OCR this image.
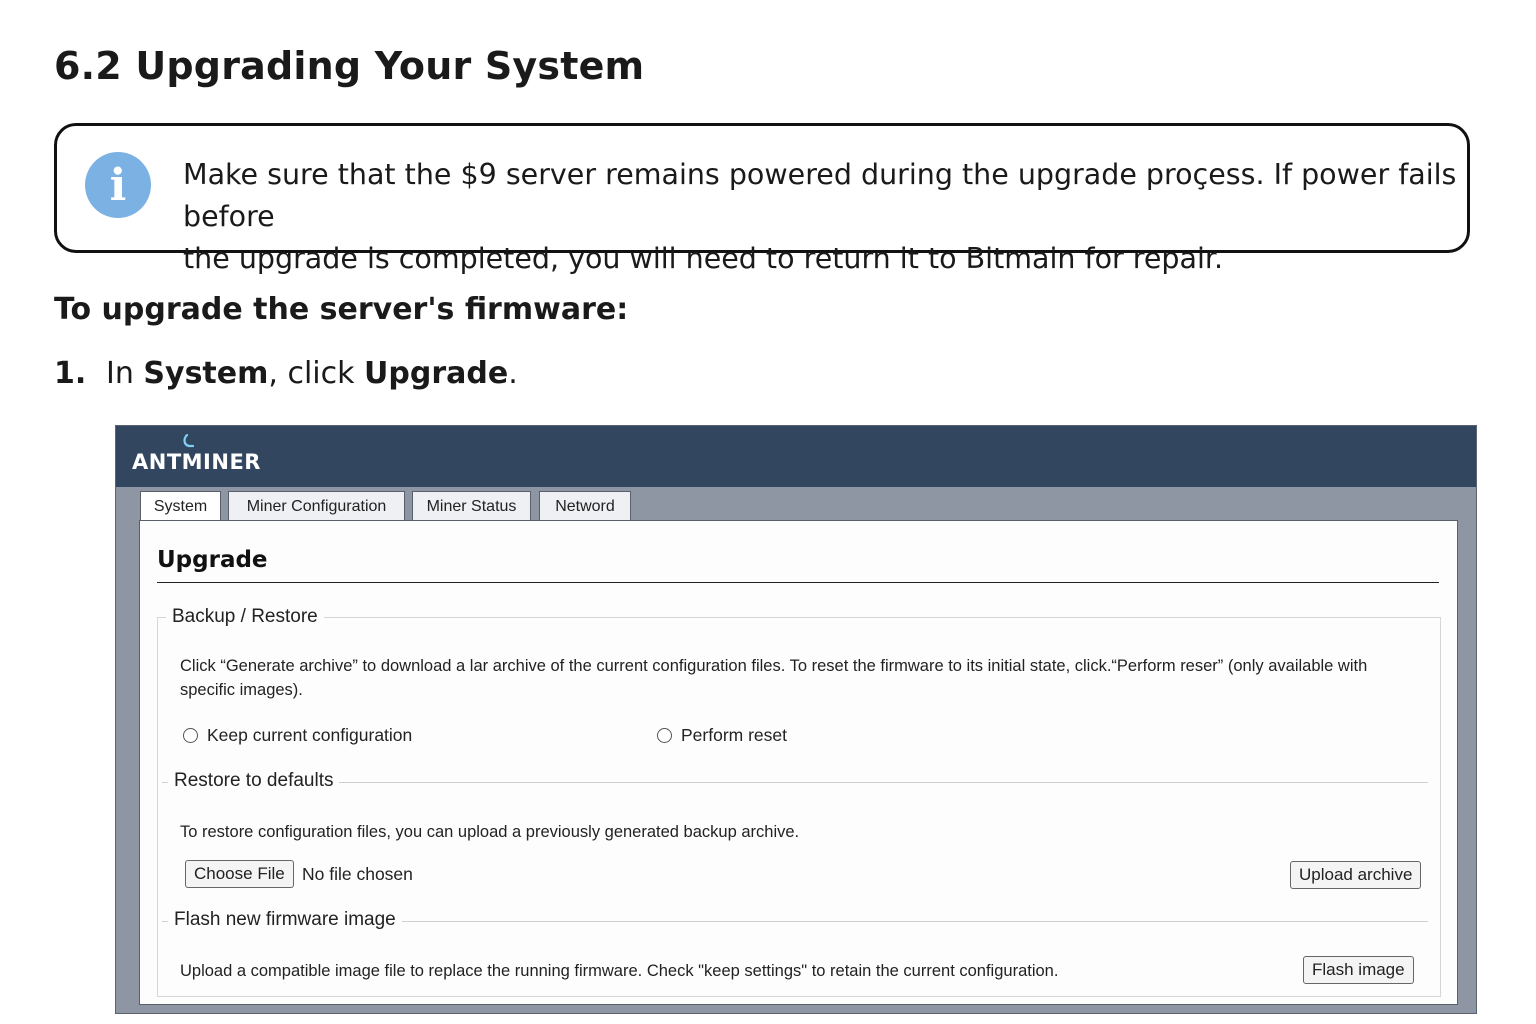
6.2 Upgrading Your System
i	Make sure that the $9 server remains powered during the upgrade proçess. If power fails before
the upgrade is completed, you will need to return it to Bitmain for repair.
To upgrade the server's firmware:
1. In System, click Upgrade.
ANTMINER
System	Miner Configuration	Miner Status	Netword
Upgrade
Backup / Restore
Click “Generate archive” to download a lar archive of the current configuration files. To reset the firmware to its initial state, click.“Perform reser” (only available with
specific images).
Keep current configuration	Perform reset
Restore to defaults
To restore configuration files, you can upload a previously generated backup archive.
Choose File No file chosen	Upload archive
Flash new firmware image
Upload a compatible image file to replace the running firmware. Check "keep settings" to retain the current configuration.	Flash image
